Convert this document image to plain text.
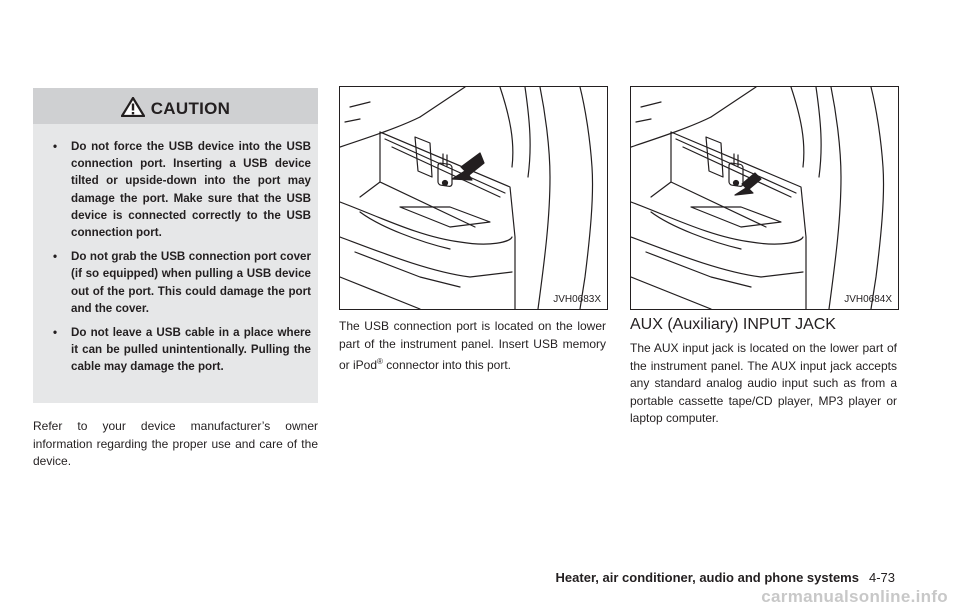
CAUTION
• Do not force the USB device into the USB connection port. Inserting a USB device tilted or upside-down into the port may damage the port. Make sure that the USB device is connected correctly to the USB connection port.
• Do not grab the USB connection port cover (if so equipped) when pulling a USB device out of the port. This could damage the port and the cover.
• Do not leave a USB cable in a place where it can be pulled unintentionally. Pulling the cable may damage the port.
Refer to your device manufacturer’s owner information regarding the proper use and care of the device.
JVH0683X
The USB connection port is located on the lower part of the instrument panel. Insert USB memory or iPod® connector into this port.
JVH0684X
AUX (Auxiliary) INPUT JACK
The AUX input jack is located on the lower part of the instrument panel. The AUX input jack accepts any standard analog audio input such as from a portable cassette tape/CD player, MP3 player or laptop computer.
Heater, air conditioner, audio and phone systems 4-73
carmanualsonline.info
